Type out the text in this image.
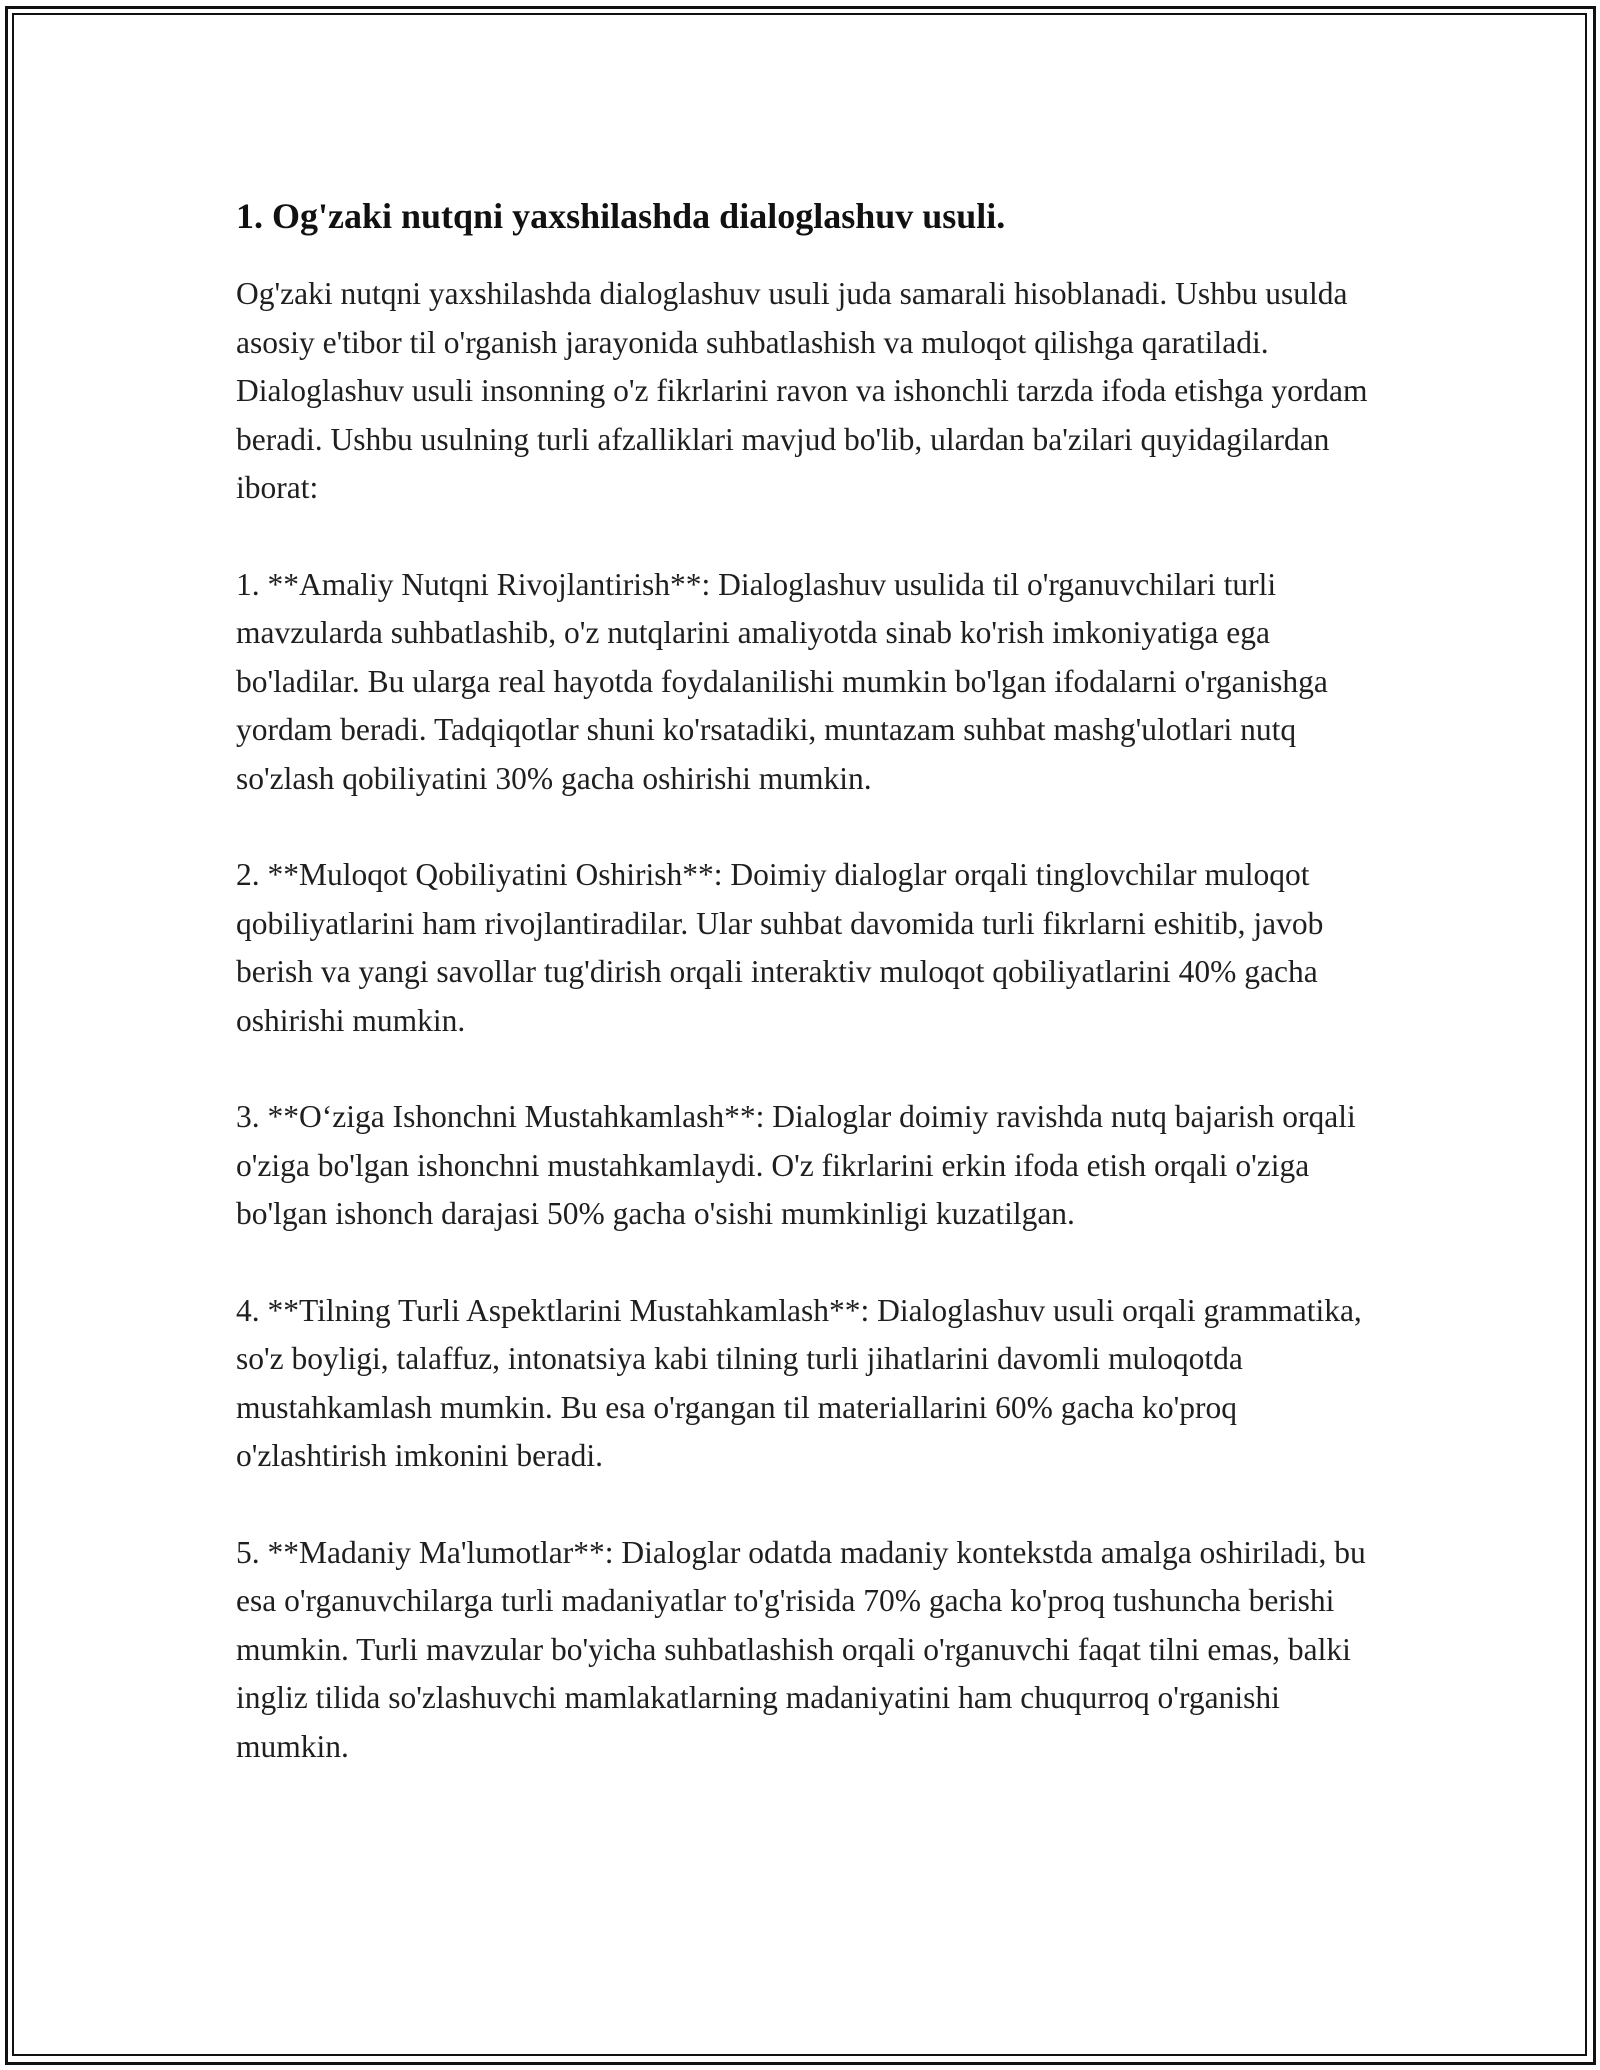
1. Og'zaki nutqni yaxshilashda dialoglashuv usuli.

Og'zaki nutqni yaxshilashda dialoglashuv usuli juda samarali hisoblanadi. Ushbu usulda asosiy e'tibor til o'rganish jarayonida suhbatlashish va muloqot qilishga qaratiladi. Dialoglashuv usuli insonning o'z fikrlarini ravon va ishonchli tarzda ifoda etishga yordam beradi. Ushbu usulning turli afzalliklari mavjud bo'lib, ulardan ba'zilari quyidagilardan iborat:

1. **Amaliy Nutqni Rivojlantirish**: Dialoglashuv usulida til o'rganuvchilari turli mavzularda suhbatlashib, o'z nutqlarini amaliyotda sinab ko'rish imkoniyatiga ega bo'ladilar. Bu ularga real hayotda foydalanilishi mumkin bo'lgan ifodalarni o'rganishga yordam beradi. Tadqiqotlar shuni ko'rsatadiki, muntazam suhbat mashg'ulotlari nutq so'zlash qobiliyatini 30% gacha oshirishi mumkin.

2. **Muloqot Qobiliyatini Oshirish**: Doimiy dialoglar orqali tinglovchilar muloqot qobiliyatlarini ham rivojlantiradilar. Ular suhbat davomida turli fikrlarni eshitib, javob berish va yangi savollar tug'dirish orqali interaktiv muloqot qobiliyatlarini 40% gacha oshirishi mumkin.

3. **O‘ziga Ishonchni Mustahkamlash**: Dialoglar doimiy ravishda nutq bajarish orqali o'ziga bo'lgan ishonchni mustahkamlaydi. O'z fikrlarini erkin ifoda etish orqali o'ziga bo'lgan ishonch darajasi 50% gacha o'sishi mumkinligi kuzatilgan.

4. **Tilning Turli Aspektlarini Mustahkamlash**: Dialoglashuv usuli orqali grammatika, so'z boyligi, talaffuz, intonatsiya kabi tilning turli jihatlarini davomli muloqotda mustahkamlash mumkin. Bu esa o'rgangan til materiallarini 60% gacha ko'proq o'zlashtirish imkonini beradi.

5. **Madaniy Ma'lumotlar**: Dialoglar odatda madaniy kontekstda amalga oshiriladi, bu esa o'rganuvchilarga turli madaniyatlar to'g'risida 70% gacha ko'proq tushuncha berishi mumkin. Turli mavzular bo'yicha suhbatlashish orqali o'rganuvchi faqat tilni emas, balki ingliz tilida so'zlashuvchi mamlakatlarning madaniyatini ham chuqurroq o'rganishi mumkin.
